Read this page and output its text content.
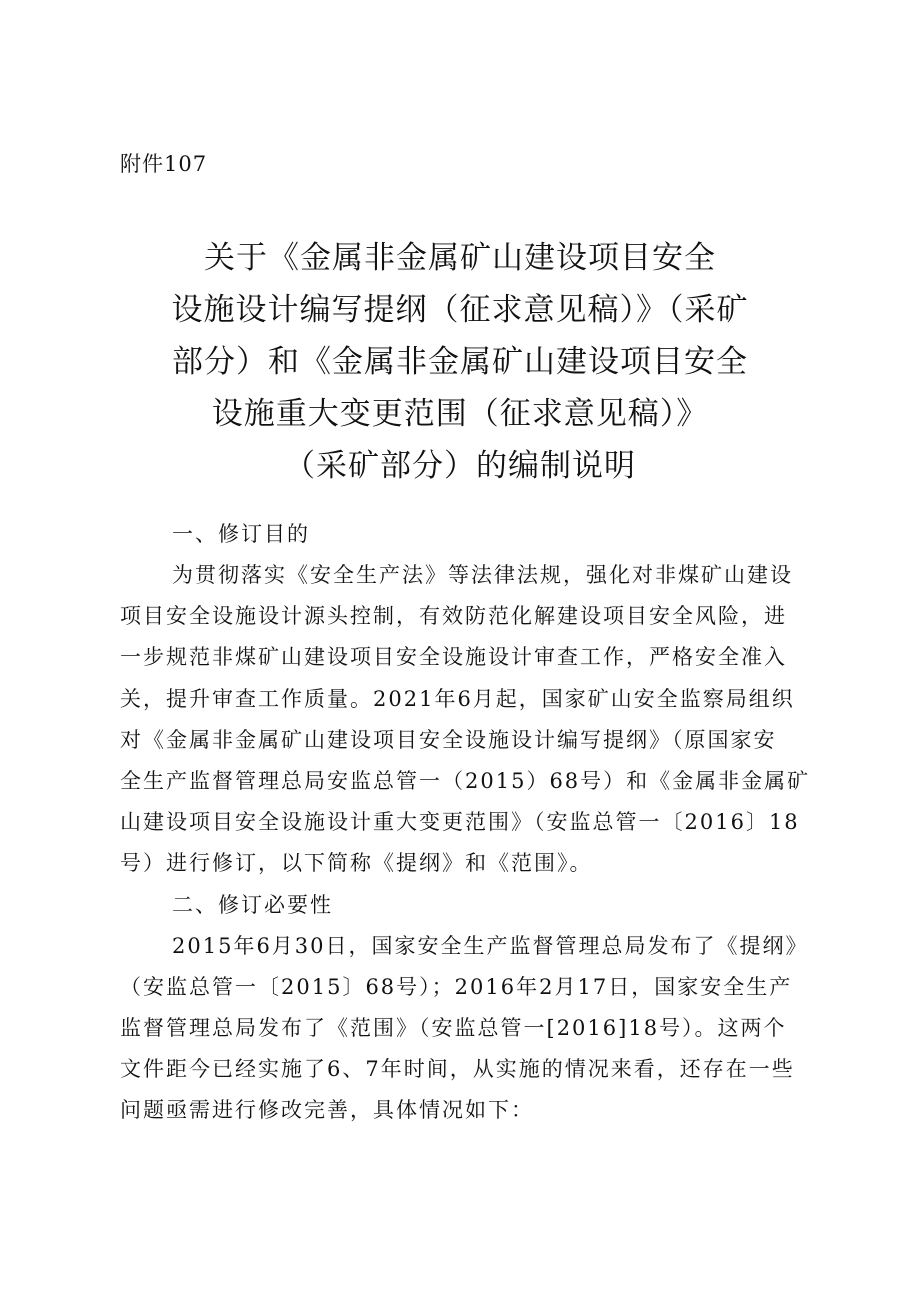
附件107

关于《金属非金属矿山建设项目安全
设施设计编写提纲（征求意见稿）》（采矿
部分）和《金属非金属矿山建设项目安全
设施重大变更范围（征求意见稿）》
（采矿部分）的编制说明
一、修订目的

为贯彻落实《安全生产法》等法律法规，强化对非煤矿山建设
项目安全设施设计源头控制，有效防范化解建设项目安全风险，进
一步规范非煤矿山建设项目安全设施设计审查工作，严格安全准入
关，提升审查工作质量。2021年6月起，国家矿山安全监察局组织
对《金属非金属矿山建设项目安全设施设计编写提纲》（原国家安
全生产监督管理总局安监总管一（2015）68号）和《金属非金属矿
山建设项目安全设施设计重大变更范围》（安监总管一〔2016〕18
号）进行修订，以下简称《提纲》和《范围》。

二、修订必要性

2015年6月30日，国家安全生产监督管理总局发布了《提纲》
（安监总管一〔2015〕68号）；2016年2月17日，国家安全生产
监督管理总局发布了《范围》（安监总管一[2016]18号）。这两个
文件距今已经实施了6、7年时间，从实施的情况来看，还存在一些
问题亟需进行修改完善，具体情况如下：
